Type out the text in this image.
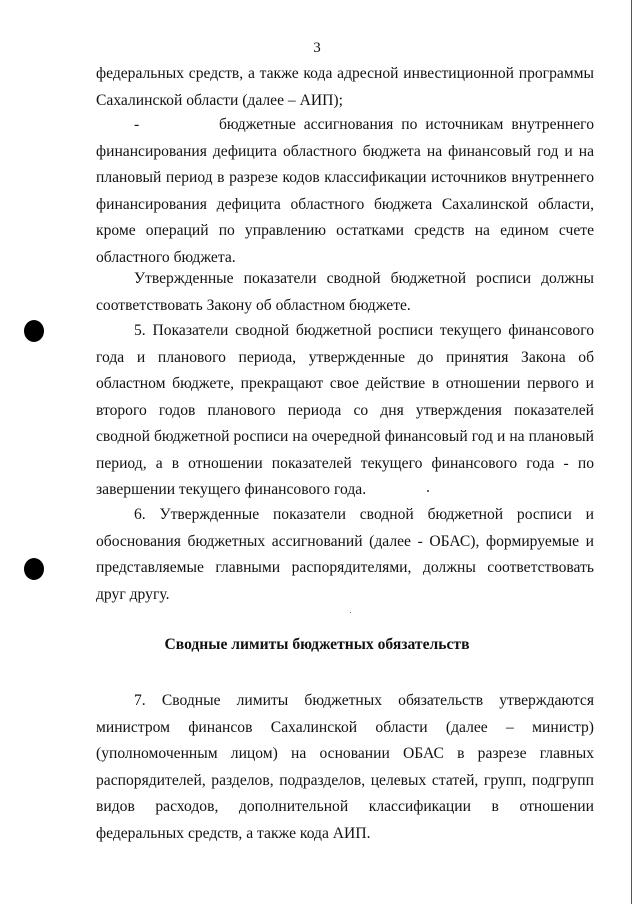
3

федеральных средств, а также кода адресной инвестиционной программы Сахалинской области (далее – АИП);

-          бюджетные ассигнования по источникам внутреннего финансирования дефицита областного бюджета на финансовый год и на плановый период в разрезе кодов классификации источников внутреннего финансирования дефицита областного бюджета Сахалинской области, кроме операций по управлению остатками средств на едином счете областного бюджета.

Утвержденные показатели сводной бюджетной росписи должны соответствовать Закону об областном бюджете.

5. Показатели сводной бюджетной росписи текущего финансового года и планового периода, утвержденные до принятия Закона об областном бюджете, прекращают свое действие в отношении первого и второго годов планового периода со дня утверждения показателей сводной бюджетной росписи на очередной финансовый год и на плановый период, а в отношении показателей текущего финансового года - по завершении текущего финансового года.

6. Утвержденные показатели сводной бюджетной росписи и обоснования бюджетных ассигнований (далее - ОБАС), формируемые и представляемые главными распорядителями, должны соответствовать друг другу.

Сводные лимиты бюджетных обязательств

7. Сводные лимиты бюджетных обязательств утверждаются министром финансов Сахалинской области (далее – министр) (уполномоченным лицом) на основании ОБАС в разрезе главных распорядителей, разделов, подразделов, целевых статей, групп, подгрупп видов расходов, дополнительной классификации в отношении федеральных средств, а также кода АИП.
